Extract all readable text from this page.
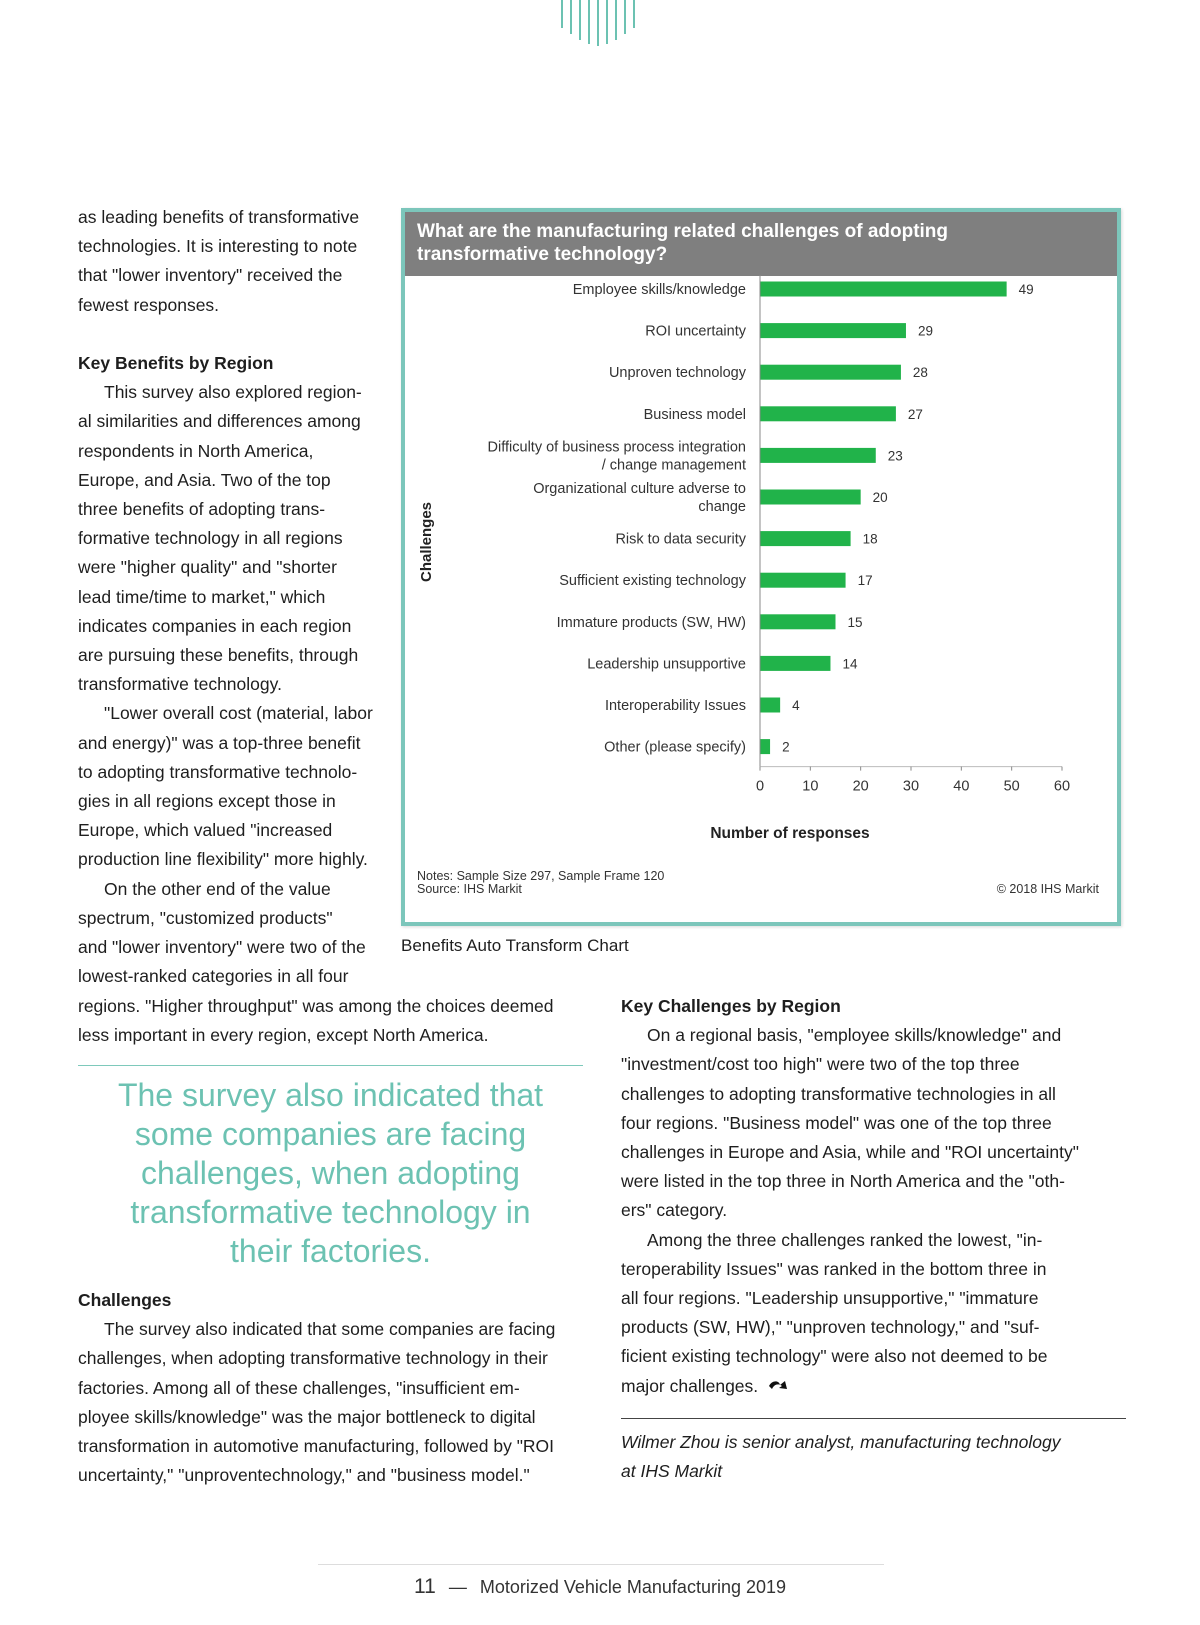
as leading benefits of transformative
technologies. It is interesting to note
that "lower inventory" received the
fewest responses.

Key Benefits by Region

This survey also explored region-
al similarities and differences among
respondents in North America,
Europe, and Asia. Two of the top
three benefits of adopting trans-
formative technology in all regions
were "higher quality" and "shorter
lead time/time to market," which
indicates companies in each region
are pursuing these benefits, through
transformative technology.

"Lower overall cost (material, labor
and energy)" was a top-three benefit
to adopting transformative technolo-
gies in all regions except those in
Europe, which valued "increased
production line flexibility" more highly.

On the other end of the value
spectrum, "customized products"
and "lower inventory" were two of the
lowest-ranked categories in all four

What are the manufacturing related challenges of adopting
transformative technology?
49
Employee skills/knowledge
29
ROI uncertainty
28
Unproven technology
27
Business model
23
Difficulty of business process integration
/ change management
20
Organizational culture adverse to
change
18
Risk to data security
17
Sufficient existing technology
15
Immature products (SW, HW)
14
Leadership unsupportive
4
Interoperability Issues
2
Other (please specify)
0	10 20 30 40 50 60
Challenges
Number of responses
Notes: Sample Size 297, Sample Frame 120
Source: IHS Markit	© 2018 IHS Markit
Benefits Auto Transform Chart
regions. "Higher throughput" was among the choices deemed
less important in every region, except North America.
The survey also indicated that
some companies are facing
challenges, when adopting
transformative technology in
their factories.

Challenges

The survey also indicated that some companies are facing
challenges, when adopting transformative technology in their
factories. Among all of these challenges, "insufficient em-
ployee skills/knowledge" was the major bottleneck to digital
transformation in automotive manufacturing, followed by "ROI
uncertainty," "unproventechnology," and "business model."

Key Challenges by Region

On a regional basis, "employee skills/knowledge" and
"investment/cost too high" were two of the top three
challenges to adopting transformative technologies in all
four regions. "Business model" was one of the top three
challenges in Europe and Asia, while and "ROI uncertainty"
were listed in the top three in North America and the "oth-
ers" category.

Among the three challenges ranked the lowest, "in-
teroperability Issues" was ranked in the bottom three in
all four regions. "Leadership unsupportive," "immature
products (SW, HW)," "unproven technology," and "suf-
ficient existing technology" were also not deemed to be
major challenges.

Wilmer Zhou is senior analyst, manufacturing technology
at IHS Markit
11 — Motorized Vehicle Manufacturing 2019
